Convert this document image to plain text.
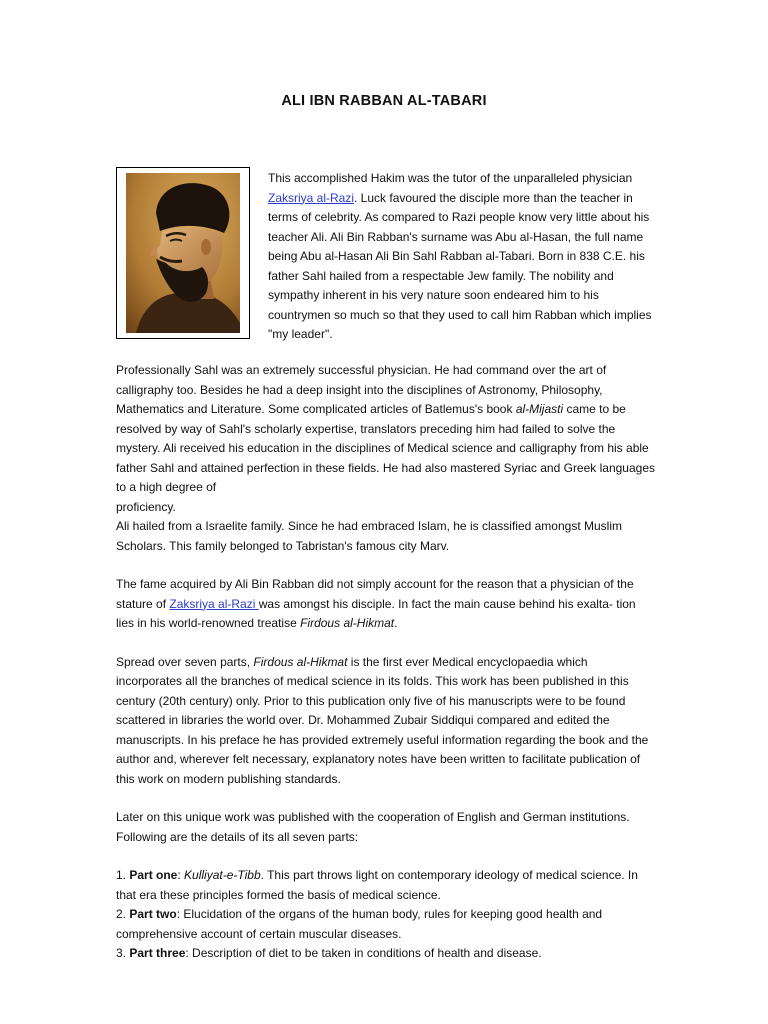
ALI IBN RABBAN AL-TABARI
This accomplished Hakim was the tutor of the unparalleled physician Zaksriya al-Razi. Luck favoured the disciple more than the teacher in terms of celebrity. As compared to Razi people know very little about his teacher Ali. Ali Bin Rabban's surname was Abu al-Hasan, the full name being Abu al-Hasan Ali Bin Sahl Rabban al-Tabari. Born in 838 C.E. his father Sahl hailed from a respectable Jew family. The nobility and sympathy inherent in his very nature soon endeared him to his countrymen so much so that they used to call him Rabban which implies "my leader".

Professionally Sahl was an extremely successful physician. He had command over the art of calligraphy too. Besides he had a deep insight into the disciplines of Astronomy, Philosophy, Mathematics and Literature. Some complicated articles of Batlemus's book al-Mijasti came to be resolved by way of Sahl's scholarly expertise, translators preceding him had failed to solve the mystery. Ali received his education in the disciplines of Medical science and calligraphy from his able father Sahl and attained perfection in these fields. He had also mastered Syriac and Greek languages to a high degree of
proficiency.

Ali hailed from a Israelite family. Since he had embraced Islam, he is classified amongst Muslim Scholars. This family belonged to Tabristan's famous city Marv.

The fame acquired by Ali Bin Rabban did not simply account for the reason that a physician of the stature of Zaksriya al-Razi was amongst his disciple. In fact the main cause behind his exalta- tion lies in his world-renowned treatise Firdous al-Hikmat.

Spread over seven parts, Firdous al-Hikmat is the first ever Medical encyclopaedia which incorporates all the branches of medical science in its folds. This work has been published in this century (20th century) only. Prior to this publication only five of his manuscripts were to be found scattered in libraries the world over. Dr. Mohammed Zubair Siddiqui compared and edited the manuscripts. In his preface he has provided extremely useful information regarding the book and the author and, wherever felt necessary, explanatory notes have been written to facilitate publication of this work on modern publishing standards.

Later on this unique work was published with the cooperation of English and German institutions. Following are the details of its all seven parts:

1. Part one: Kulliyat-e-Tibb. This part throws light on contemporary ideology of medical science. In that era these principles formed the basis of medical science.

2. Part two: Elucidation of the organs of the human body, rules for keeping good health and comprehensive account of certain muscular diseases.

3. Part three: Description of diet to be taken in conditions of health and disease.
